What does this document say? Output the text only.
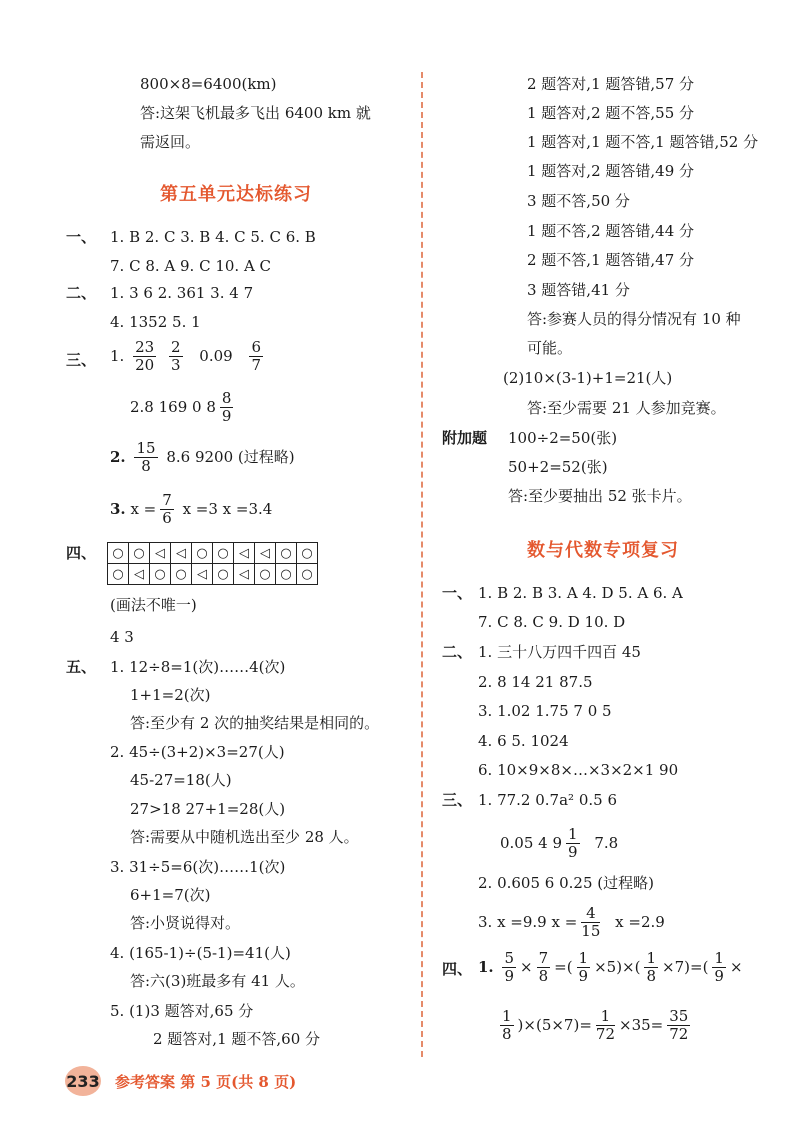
800×8=6400(km)
答:这架飞机最多飞出 6400 km 就
需返回。
第五单元达标练习
一、 1. B 2. C 3. B 4. C 5. C 6. B
7. C 8. A 9. C 10. A C
二、 1. 3 6 2. 361 3. 4 7
4. 1352 5. 1
三、 1. $\frac{23}{20}$
$\frac{2}{3} 0.09 \frac{6}{7}$
2.8 169 0 $8 \frac{8}{9}$
2. $\frac{15}{8} 8.6$ 9200 (过程略)
3. $x = \frac{7}{6}$ x =3 x =3.4
四、 ○	○	◁	◁	○	○	◁	◁	○	○
○	◁	○	○	◁	○	◁	○	○	○
(画法不唯一)
4 3
五、 1. 12÷8=1(次)……4(次)
1+1=2(次)
答:至少有 2 次的抽奖结果是相同的。
2. 45÷(3+2)×3=27(人)
45-27=18(人)
27>18 27+1=28(人)
答:需要从中随机选出至少 28 人。
3. 31÷5=6(次)……1(次)
6+1=7(次)
答:小贤说得对。
4. (165-1)÷(5-1)=41(人)
答:六(3)班最多有 41 人。
5. (1)3 题答对,65 分
2 题答对,1 题不答,60 分
2 题答对,1 题答错,57 分
1 题答对,2 题不答,55 分
1 题答对,1 题不答,1 题答错,52 分
1 题答对,2 题答错,49 分
3 题不答,50 分
1 题不答,2 题答错,44 分
2 题不答,1 题答错,47 分
3 题答错,41 分
答:参赛人员的得分情况有 10 种
可能。
(2)10×(3-1)+1=21(人)
答:至少需要 21 人参加竞赛。
附加题 100÷2=50(张)
50+2=52(张)
答:至少要抽出 52 张卡片。
数与代数专项复习
一、 1. B 2. B 3. A 4. D 5. A 6. A
7. C 8. C 9. D 10. D
二、 1. 三十八万四千四百 45
2. 8 14 21 87.5
3. 1.02 1.75 7 0 5
4. 6 5. 1024
6. 10×9×8×…×3×2×1 90
三、 1. 77.2 0.7a² 0.5 6
0.05 4 $9 \frac{1}{9} 7.8$
2. 0.605 6 0.25 (过程略)
3. x =9.9 $x = \frac{4}{15}$ x =2.9
四、 1. $\frac{5}{9} \times \frac{7}{8}$ =( $\frac{1}{9} \times 5)\times( \frac{1}{8} \times 7)=( \frac{1}{9}$ ×
$\frac{1}{8} )\times(5\times 7)= \frac{1}{72} \times 35= \frac{35}{72}$
233 参考答案 第 5 页(共 8 页)
